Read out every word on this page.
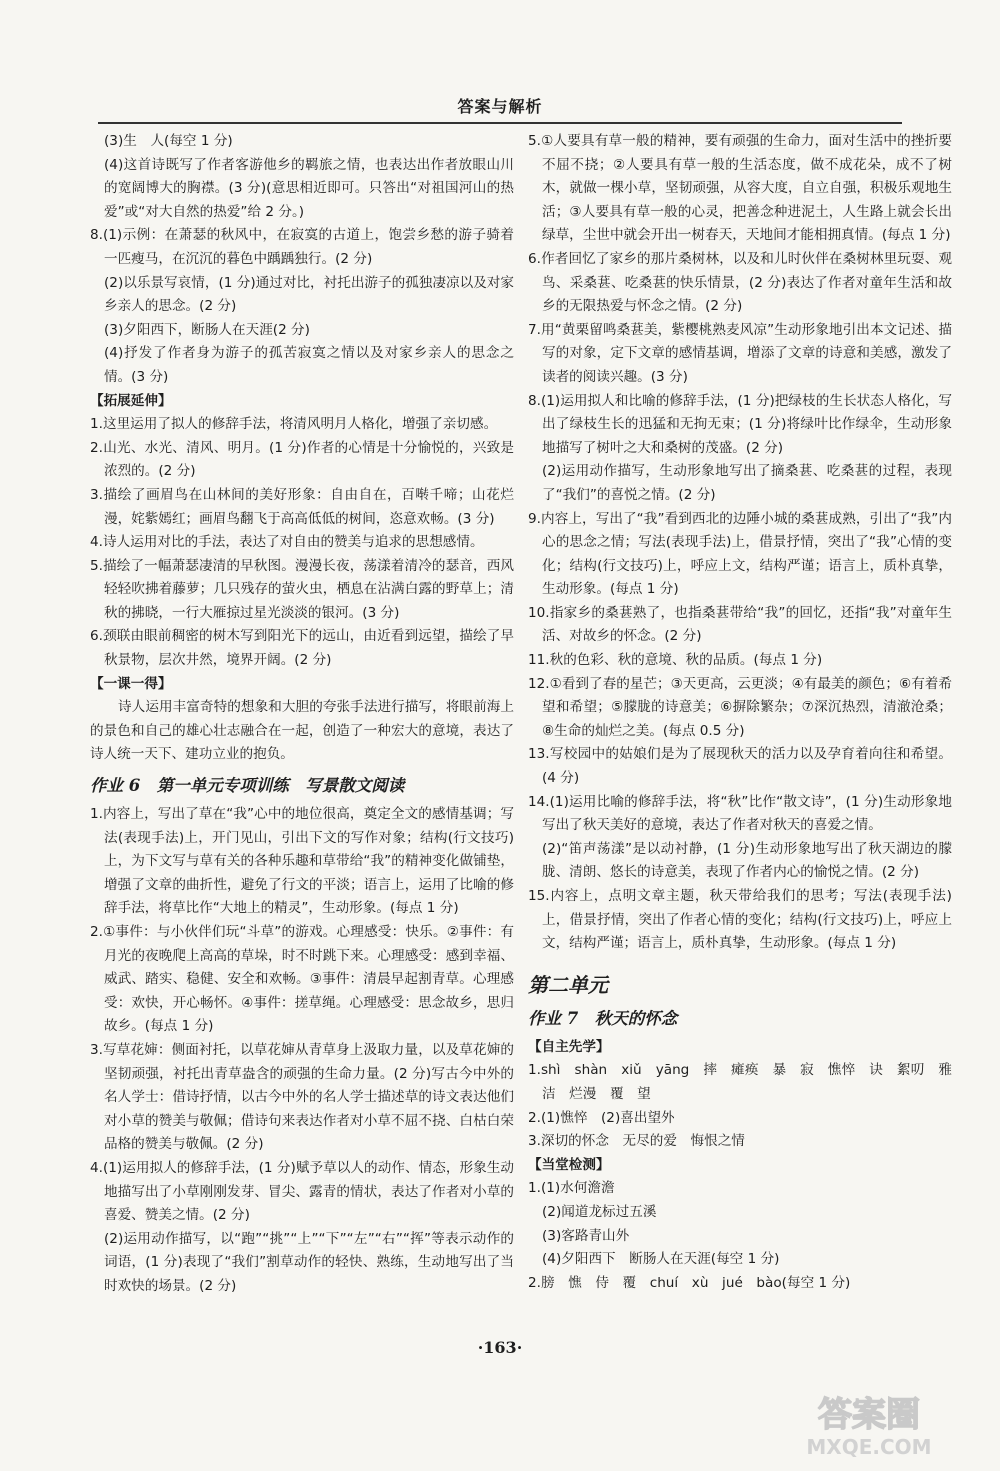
答案与解析

(3)生　人(每空 1 分)

(4)这首诗既写了作者客游他乡的羁旅之情，也表达出作者放眼山川的宽阔博大的胸襟。(3 分)(意思相近即可。只答出“对祖国河山的热爱”或“对大自然的热爱”给 2 分。)

8.(1)示例：在萧瑟的秋风中，在寂寞的古道上，饱尝乡愁的游子骑着一匹瘦马，在沉沉的暮色中踽踽独行。(2 分)

(2)以乐景写哀情，(1 分)通过对比，衬托出游子的孤独凄凉以及对家乡亲人的思念。(2 分)

(3)夕阳西下，断肠人在天涯(2 分)

(4)抒发了作者身为游子的孤苦寂寞之情以及对家乡亲人的思念之情。(3 分)

【拓展延伸】

1.这里运用了拟人的修辞手法，将清风明月人格化，增强了亲切感。

2.山光、水光、清风、明月。(1 分)作者的心情是十分愉悦的，兴致是浓烈的。(2 分)

3.描绘了画眉鸟在山林间的美好形象：自由自在，百啭千啼；山花烂漫，姹紫嫣红；画眉鸟翻飞于高高低低的树间，恣意欢畅。(3 分)

4.诗人运用对比的手法，表达了对自由的赞美与追求的思想感情。

5.描绘了一幅萧瑟凄清的早秋图。漫漫长夜，荡漾着清冷的瑟音，西风轻轻吹拂着藤萝；几只残存的萤火虫，栖息在沾满白露的野草上；清秋的拂晓，一行大雁掠过星光淡淡的银河。(3 分)

6.颈联由眼前稠密的树木写到阳光下的远山，由近看到远望，描绘了早秋景物，层次井然，境界开阔。(2 分)

【一课一得】

诗人运用丰富奇特的想象和大胆的夸张手法进行描写，将眼前海上的景色和自己的雄心壮志融合在一起，创造了一种宏大的意境，表达了诗人统一天下、建功立业的抱负。

作业 6　第一单元专项训练　写景散文阅读

1.内容上，写出了草在“我”心中的地位很高，奠定全文的感情基调；写法(表现手法)上，开门见山，引出下文的写作对象；结构(行文技巧)上，为下文写与草有关的各种乐趣和草带给“我”的精神变化做铺垫，增强了文章的曲折性，避免了行文的平淡；语言上，运用了比喻的修辞手法，将草比作“大地上的精灵”，生动形象。(每点 1 分)

2.①事件：与小伙伴们玩“斗草”的游戏。心理感受：快乐。②事件：有月光的夜晚爬上高高的草垛，时不时跳下来。心理感受：感到幸福、威武、踏实、稳健、安全和欢畅。③事件：清晨早起割青草。心理感受：欢快，开心畅怀。④事件：搓草绳。心理感受：思念故乡，思归故乡。(每点 1 分)

3.写草花婶：侧面衬托，以草花婶从青草身上汲取力量，以及草花婶的坚韧顽强，衬托出青草盎含的顽强的生命力量。(2 分)写古今中外的名人学士：借诗抒情，以古今中外的名人学士描述草的诗文表达他们对小草的赞美与敬佩；借诗句来表达作者对小草不屈不挠、白枯白荣品格的赞美与敬佩。(2 分)

4.(1)运用拟人的修辞手法，(1 分)赋予草以人的动作、情态，形象生动地描写出了小草刚刚发芽、冒尖、露青的情状，表达了作者对小草的喜爱、赞美之情。(2 分)

(2)运用动作描写，以“跑”“挑”“上”“下”“左”“右”“挥”等表示动作的词语，(1 分)表现了“我们”割草动作的轻快、熟练，生动地写出了当时欢快的场景。(2 分)

5.①人要具有草一般的精神，要有顽强的生命力，面对生活中的挫折要不屈不挠；②人要具有草一般的生活态度，做不成花朵，成不了树木，就做一棵小草，坚韧顽强，从容大度，自立自强，积极乐观地生活；③人要具有草一般的心灵，把善念种进泥土，人生路上就会长出绿草，尘世中就会开出一树春天，天地间才能相拥真情。(每点 1 分)

6.作者回忆了家乡的那片桑树林，以及和儿时伙伴在桑树林里玩耍、观鸟、采桑葚、吃桑葚的快乐情景，(2 分)表达了作者对童年生活和故乡的无限热爱与怀念之情。(2 分)

7.用“黄栗留鸣桑葚美，紫樱桃熟麦风凉”生动形象地引出本文记述、描写的对象，定下文章的感情基调，增添了文章的诗意和美感，激发了读者的阅读兴趣。(3 分)

8.(1)运用拟人和比喻的修辞手法，(1 分)把绿枝的生长状态人格化，写出了绿枝生长的迅猛和无拘无束；(1 分)将绿叶比作绿伞，生动形象地描写了树叶之大和桑树的茂盛。(2 分)

(2)运用动作描写，生动形象地写出了摘桑葚、吃桑葚的过程，表现了“我们”的喜悦之情。(2 分)

9.内容上，写出了“我”看到西北的边陲小城的桑葚成熟，引出了“我”内心的思念之情；写法(表现手法)上，借景抒情，突出了“我”心情的变化；结构(行文技巧)上，呼应上文，结构严谨；语言上，质朴真挚，生动形象。(每点 1 分)

10.指家乡的桑葚熟了，也指桑葚带给“我”的回忆，还指“我”对童年生活、对故乡的怀念。(2 分)

11.秋的色彩、秋的意境、秋的品质。(每点 1 分)

12.①看到了春的星芒；③天更高，云更淡；④有最美的颜色；⑥有着希望和希望；⑤朦胧的诗意美；⑥摒除繁杂；⑦深沉热烈，清澈沧桑；⑧生命的灿烂之美。(每点 0.5 分)

13.写校园中的姑娘们是为了展现秋天的活力以及孕育着向往和希望。(4 分)

14.(1)运用比喻的修辞手法，将“秋”比作“散文诗”，(1 分)生动形象地写出了秋天美好的意境，表达了作者对秋天的喜爱之情。

(2)“笛声荡漾”是以动衬静，(1 分)生动形象地写出了秋天湖边的朦胧、清朗、悠长的诗意美，表现了作者内心的愉悦之情。(2 分)

15.内容上，点明文章主题，秋天带给我们的思考；写法(表现手法)上，借景抒情，突出了作者心情的变化；结构(行文技巧)上，呼应上文，结构严谨；语言上，质朴真挚，生动形象。(每点 1 分)

第二单元
作业 7　秋天的怀念

【自主先学】

1.shì　shàn　xiǔ　yāng　摔　瘫痪　暴　寂　憔悴　诀　絮叨　雅　洁　烂漫　覆　望

2.(1)憔悴　(2)喜出望外

3.深切的怀念　无尽的爱　悔恨之情

【当堂检测】

1.(1)水何澹澹

(2)闻道龙标过五溪

(3)客路青山外

(4)夕阳西下　断肠人在天涯(每空 1 分)

2.膀　憔　侍　覆　chuí　xù　jué　bào(每空 1 分)

·163·
答案圈
MXQE.COM
